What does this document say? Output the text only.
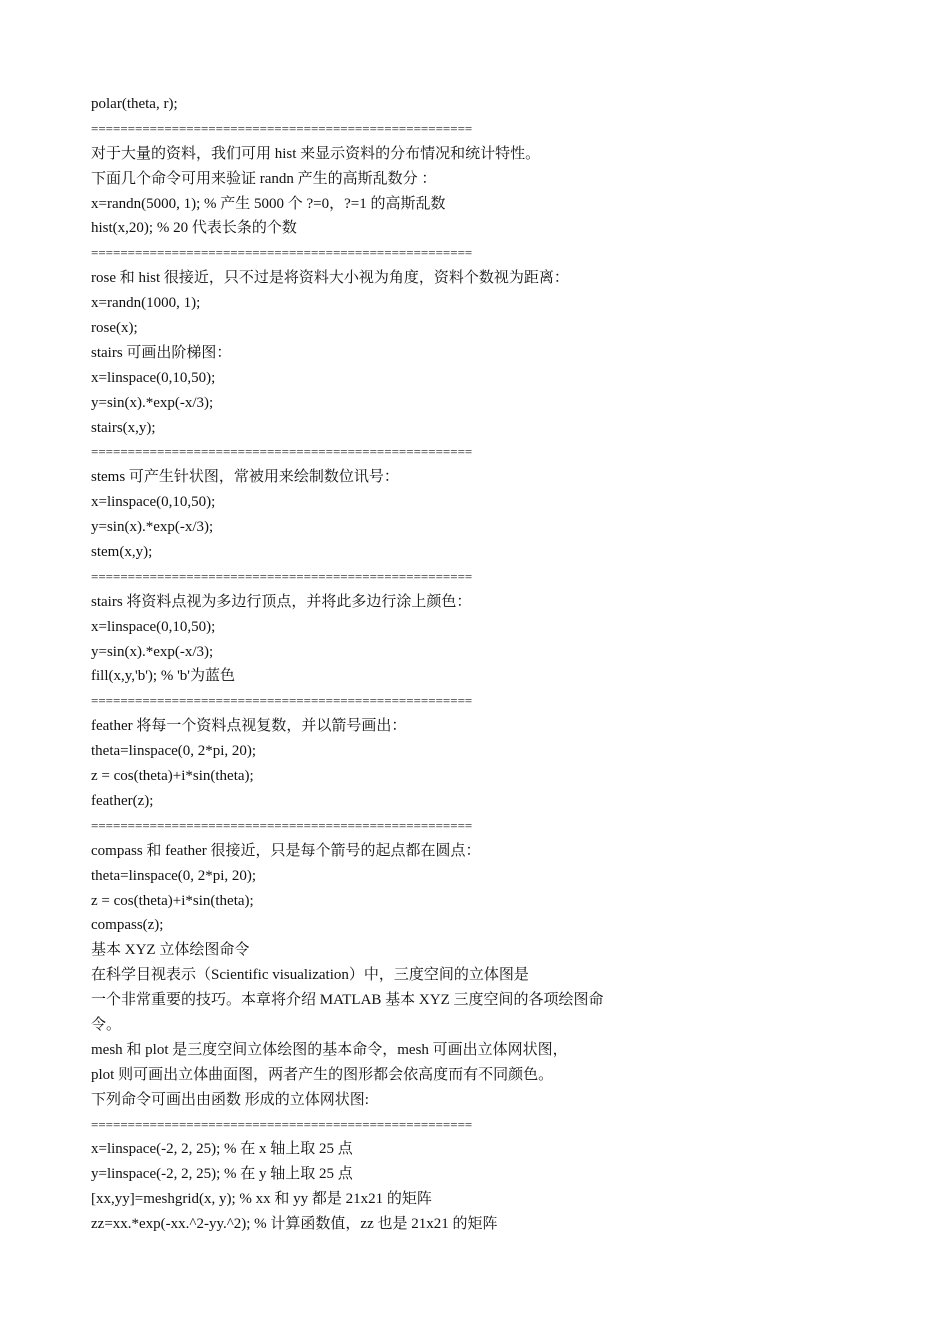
polar(theta, r);
====================================================
对于大量的资料，我们可用 hist 来显示资料的分布情况和统计特性。
下面几个命令可用来验证 randn 产生的高斯乱数分 ：
x=randn(5000, 1); % 产生 5000 个 ?=0，?=1 的高斯乱数
hist(x,20); % 20 代表长条的个数
====================================================
rose 和 hist 很接近，只不过是将资料大小视为角度，资料个数视为距离：
x=randn(1000, 1);
rose(x);
stairs 可画出阶梯图：
x=linspace(0,10,50);
y=sin(x).*exp(-x/3);
stairs(x,y);
====================================================
stems 可产生针状图，常被用来绘制数位讯号：
x=linspace(0,10,50);
y=sin(x).*exp(-x/3);
stem(x,y);
====================================================
stairs 将资料点视为多边行顶点，并将此多边行涂上颜色：
x=linspace(0,10,50);
y=sin(x).*exp(-x/3);
fill(x,y,'b'); % 'b'为蓝色
====================================================
feather 将每一个资料点视复数，并以箭号画出：
theta=linspace(0, 2*pi, 20);
z = cos(theta)+i*sin(theta);
feather(z);
====================================================
compass 和 feather 很接近，只是每个箭号的起点都在圆点：
theta=linspace(0, 2*pi, 20);
z = cos(theta)+i*sin(theta);
compass(z);
基本 XYZ 立体绘图命令
在科学目视表示（Scientific visualization）中，三度空间的立体图是
一个非常重要的技巧。本章将介绍 MATLAB 基本 XYZ 三度空间的各项绘图命
令。
mesh 和 plot 是三度空间立体绘图的基本命令，mesh 可画出立体网状图，
plot 则可画出立体曲面图，两者产生的图形都会依高度而有不同颜色。
下列命令可画出由函数 形成的立体网状图:
====================================================
x=linspace(-2, 2, 25); % 在 x 轴上取 25 点
y=linspace(-2, 2, 25); % 在 y 轴上取 25 点
[xx,yy]=meshgrid(x, y); % xx 和 yy 都是 21x21 的矩阵
zz=xx.*exp(-xx.^2-yy.^2); % 计算函数值，zz 也是 21x21 的矩阵
